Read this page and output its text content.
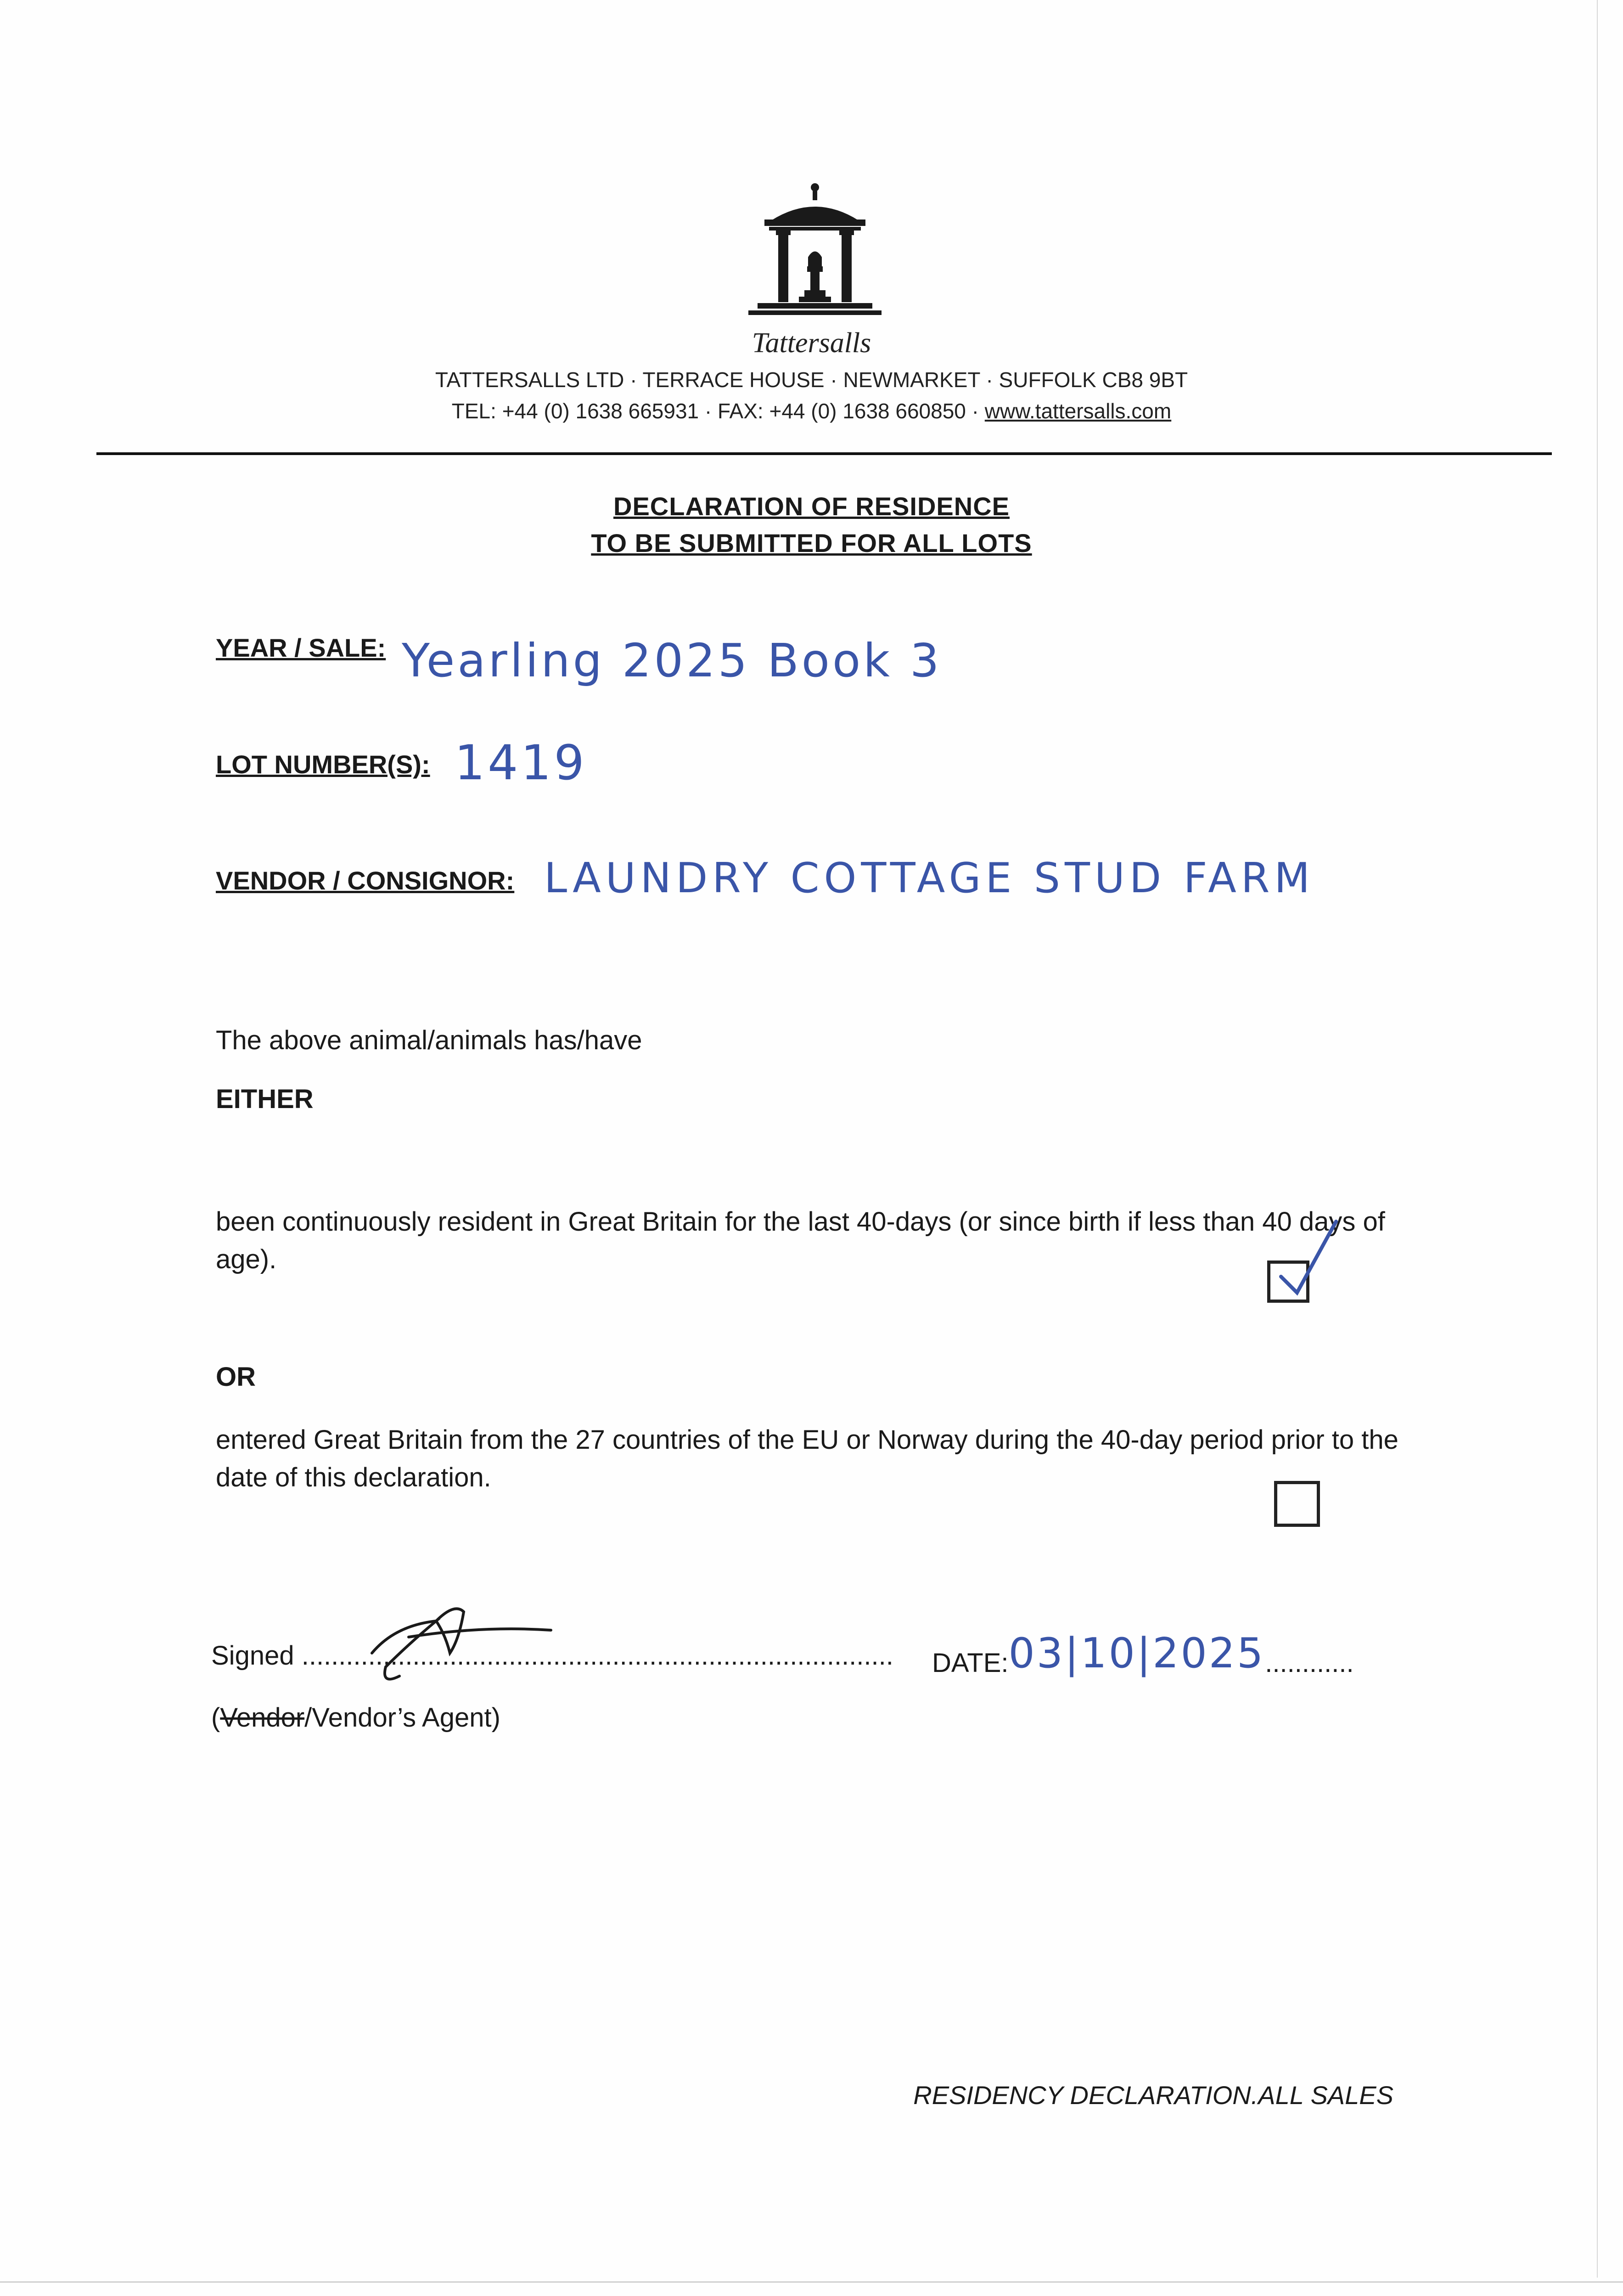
Tattersalls
TATTERSALLS LTD · TERRACE HOUSE · NEWMARKET · SUFFOLK CB8 9BT
TEL: +44 (0) 1638 665931 · FAX: +44 (0) 1638 660850 · www.tattersalls.com
DECLARATION OF RESIDENCE
TO BE SUBMITTED FOR ALL LOTS
YEAR / SALE: Yearling 2025 Book 3
LOT NUMBER(S): 1419
VENDOR / CONSIGNOR: LAUNDRY COTTAGE STUD FARM
The above animal/animals has/have
EITHER
been continuously resident in Great Britain for the last 40-days (or since birth if less than 40 days of age).
OR
entered Great Britain from the 27 countries of the EU or Norway during the 40-day period prior to the date of this declaration.
Signed ................................................................................
(Vendor/Vendor’s Agent)
DATE:03|10|2025............
RESIDENCY DECLARATION.ALL SALES
